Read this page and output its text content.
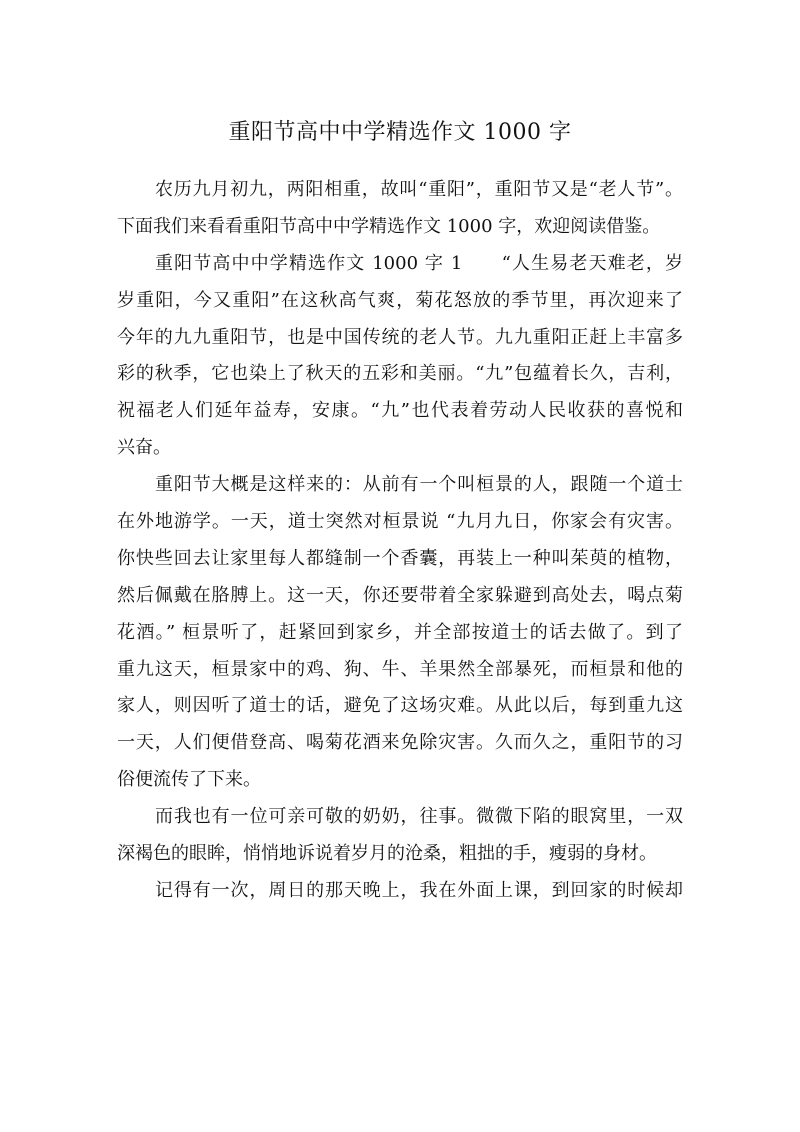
重阳节高中中学精选作文 1000 字
农历九月初九，两阳相重，故叫“重阳”，重阳节又是“老人节”。
下面我们来看看重阳节高中中学精选作文 1000 字，欢迎阅读借鉴。
重阳节高中中学精选作文 1000 字 1　　“人生易老天难老，岁
岁重阳，今又重阳”在这秋高气爽，菊花怒放的季节里，再次迎来了
今年的九九重阳节，也是中国传统的老人节。九九重阳正赶上丰富多
彩的秋季，它也染上了秋天的五彩和美丽。“九”包蕴着长久，吉利，
祝福老人们延年益寿，安康。“九”也代表着劳动人民收获的喜悦和
兴奋。
重阳节大概是这样来的：从前有一个叫桓景的人，跟随一个道士
在外地游学。一天，道士突然对桓景说 “九月九日，你家会有灾害。
你快些回去让家里每人都缝制一个香囊，再装上一种叫茱萸的植物，
然后佩戴在胳膊上。这一天，你还要带着全家躲避到高处去，喝点菊
花酒。” 桓景听了，赶紧回到家乡，并全部按道士的话去做了。到了
重九这天，桓景家中的鸡、狗、牛、羊果然全部暴死，而桓景和他的
家人，则因听了道士的话，避免了这场灾难。从此以后，每到重九这
一天，人们便借登高、喝菊花酒来免除灾害。久而久之，重阳节的习
俗便流传了下来。
而我也有一位可亲可敬的奶奶，往事。微微下陷的眼窝里，一双
深褐色的眼眸，悄悄地诉说着岁月的沧桑，粗拙的手，瘦弱的身材。
记得有一次，周日的那天晚上，我在外面上课，到回家的时候却
